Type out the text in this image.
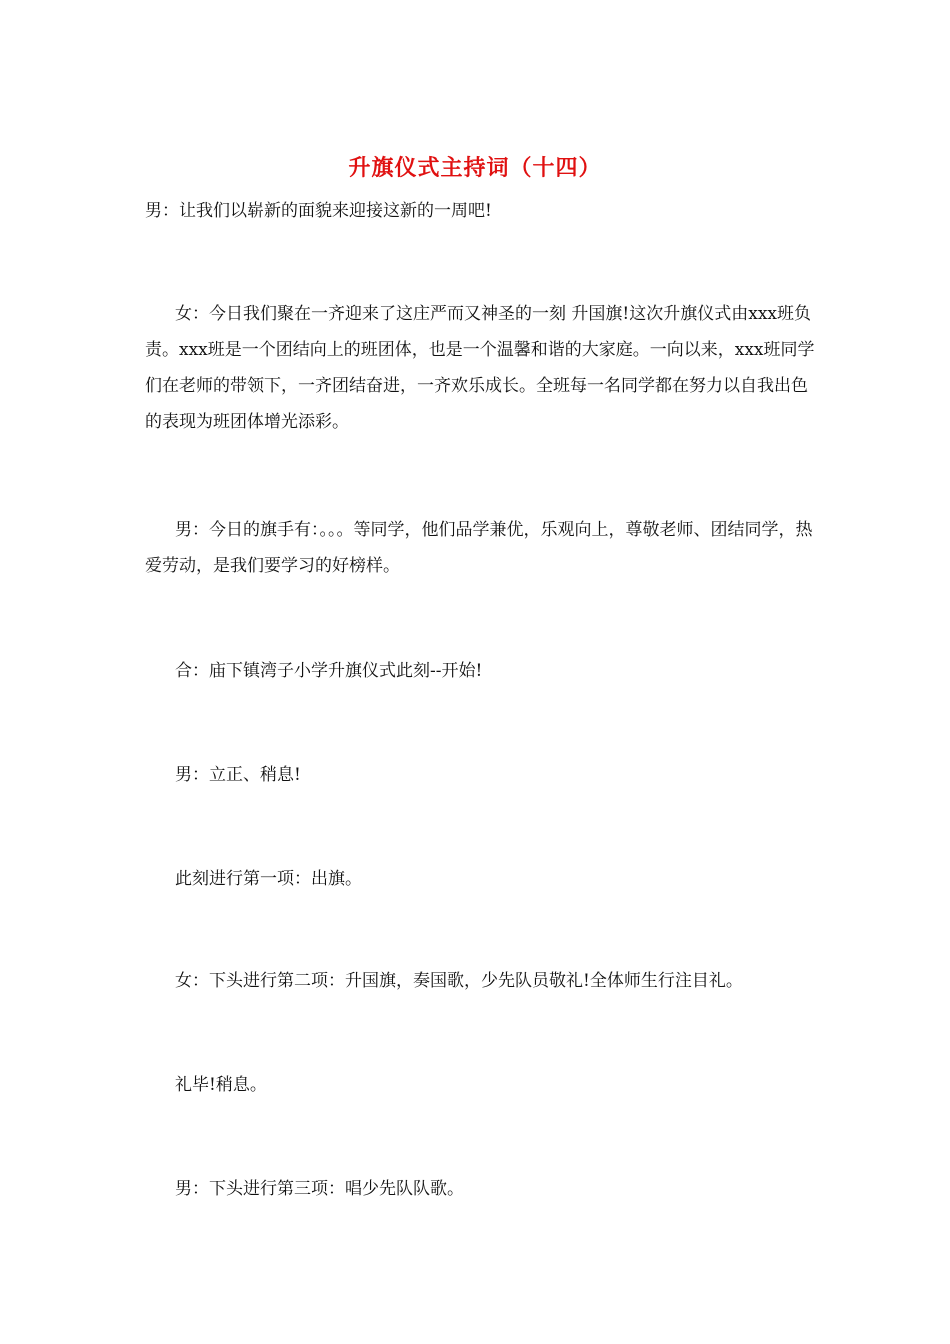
升旗仪式主持词（十四）
男：让我们以崭新的面貌来迎接这新的一周吧!
女：今日我们聚在一齐迎来了这庄严而又神圣的一刻 升国旗!这次升旗仪式由xxx班负责。xxx班是一个团结向上的班团体，也是一个温馨和谐的大家庭。一向以来，xxx班同学们在老师的带领下，一齐团结奋进，一齐欢乐成长。全班每一名同学都在努力以自我出色的表现为班团体增光添彩。
男：今日的旗手有：。。。等同学，他们品学兼优，乐观向上，尊敬老师、团结同学，热爱劳动，是我们要学习的好榜样。
合：庙下镇湾子小学升旗仪式此刻--开始!
男：立正、稍息!
此刻进行第一项：出旗。
女：下头进行第二项：升国旗，奏国歌，少先队员敬礼!全体师生行注目礼。
礼毕!稍息。
男：下头进行第三项：唱少先队队歌。
